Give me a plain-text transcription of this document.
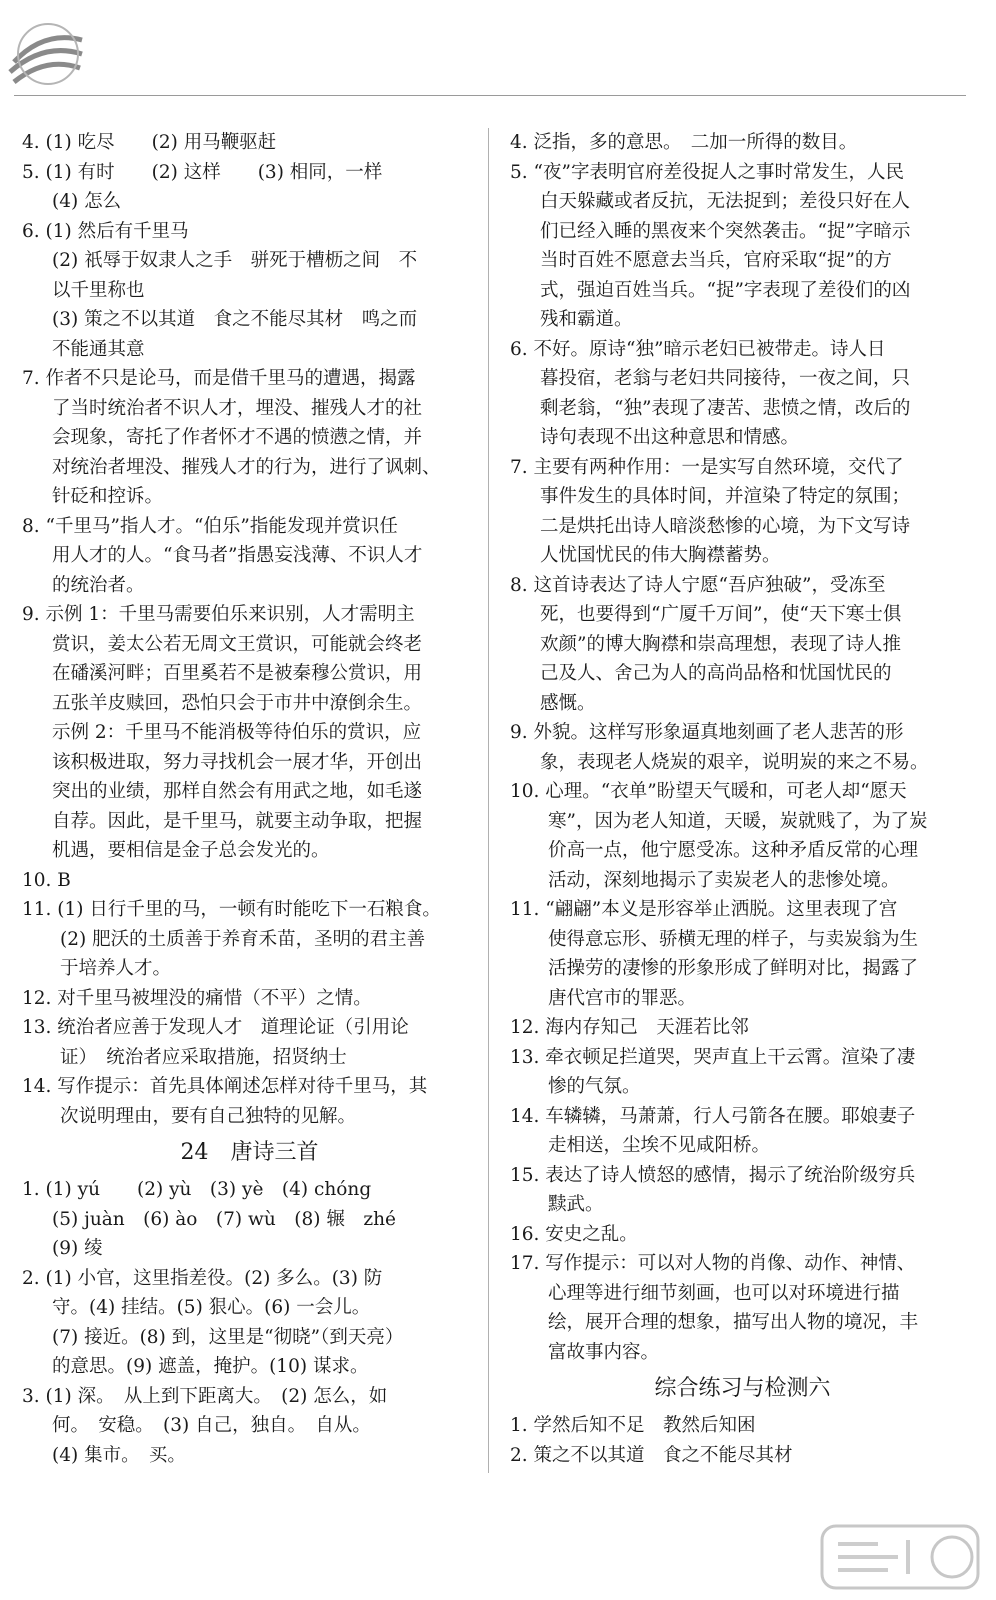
4. (1) 吃尽　　(2) 用马鞭驱赶
5. (1) 有时　　(2) 这样　　(3) 相同，一样
(4) 怎么
6. (1) 然后有千里马
(2) 祇辱于奴隶人之手　骈死于槽枥之间　不
以千里称也
(3) 策之不以其道　食之不能尽其材　鸣之而
不能通其意
7. 作者不只是论马，而是借千里马的遭遇，揭露
了当时统治者不识人才，埋没、摧残人才的社
会现象，寄托了作者怀才不遇的愤懑之情，并
对统治者埋没、摧残人才的行为，进行了讽刺、
针砭和控诉。
8. “千里马”指人才。“伯乐”指能发现并赏识任
用人才的人。“食马者”指愚妄浅薄、不识人才
的统治者。
9. 示例 1：千里马需要伯乐来识别，人才需明主
赏识，姜太公若无周文王赏识，可能就会终老
在磻溪河畔；百里奚若不是被秦穆公赏识，用
五张羊皮赎回，恐怕只会于市井中潦倒余生。
示例 2：千里马不能消极等待伯乐的赏识，应
该积极进取，努力寻找机会一展才华，开创出
突出的业绩，那样自然会有用武之地，如毛遂
自荐。因此，是千里马，就要主动争取，把握
机遇，要相信是金子总会发光的。
10. B
11. (1) 日行千里的马，一顿有时能吃下一石粮食。
(2) 肥沃的土质善于养育禾苗，圣明的君主善
于培养人才。
12. 对千里马被埋没的痛惜（不平）之情。
13. 统治者应善于发现人才　道理论证（引用论
证）　统治者应采取措施，招贤纳士
14. 写作提示：首先具体阐述怎样对待千里马，其
次说明理由，要有自己独特的见解。
24 唐诗三首
1. (1) yú　　(2) yù　(3) yè　(4) chóng
(5) juàn　(6) ào　(7) wù　(8) 辗　zhé
(9) 绫
2. (1) 小官，这里指差役。(2) 多么。(3) 防
守。(4) 挂结。(5) 狠心。(6) 一会儿。
(7) 接近。(8) 到，这里是“彻晓”（到天亮）
的意思。(9) 遮盖，掩护。(10) 谋求。
3. (1) 深。　从上到下距离大。　(2) 怎么，如
何。　安稳。　(3) 自己，独自。　自从。
(4) 集市。　买。
4. 泛指，多的意思。　二加一所得的数目。
5. “夜”字表明官府差役捉人之事时常发生，人民
白天躲藏或者反抗，无法捉到；差役只好在人
们已经入睡的黑夜来个突然袭击。“捉”字暗示
当时百姓不愿意去当兵，官府采取“捉”的方
式，强迫百姓当兵。“捉”字表现了差役们的凶
残和霸道。
6. 不好。原诗“独”暗示老妇已被带走。诗人日
暮投宿，老翁与老妇共同接待，一夜之间，只
剩老翁，“独”表现了凄苦、悲愤之情，改后的
诗句表现不出这种意思和情感。
7. 主要有两种作用：一是实写自然环境，交代了
事件发生的具体时间，并渲染了特定的氛围；
二是烘托出诗人暗淡愁惨的心境，为下文写诗
人忧国忧民的伟大胸襟蓄势。
8. 这首诗表达了诗人宁愿“吾庐独破”，受冻至
死，也要得到“广厦千万间”，使“天下寒士俱
欢颜”的博大胸襟和崇高理想，表现了诗人推
己及人、舍己为人的高尚品格和忧国忧民的
感慨。
9. 外貌。这样写形象逼真地刻画了老人悲苦的形
象，表现老人烧炭的艰辛，说明炭的来之不易。
10. 心理。“衣单”盼望天气暖和，可老人却“愿天
寒”，因为老人知道，天暖，炭就贱了，为了炭
价高一点，他宁愿受冻。这种矛盾反常的心理
活动，深刻地揭示了卖炭老人的悲惨处境。
11. “翩翩”本义是形容举止洒脱。这里表现了宫
使得意忘形、骄横无理的样子，与卖炭翁为生
活操劳的凄惨的形象形成了鲜明对比，揭露了
唐代宫市的罪恶。
12. 海内存知己　天涯若比邻
13. 牵衣顿足拦道哭，哭声直上干云霄。渲染了凄
惨的气氛。
14. 车辚辚，马萧萧，行人弓箭各在腰。耶娘妻子
走相送，尘埃不见咸阳桥。
15. 表达了诗人愤怒的感情，揭示了统治阶级穷兵
黩武。
16. 安史之乱。
17. 写作提示：可以对人物的肖像、动作、神情、
心理等进行细节刻画，也可以对环境进行描
绘，展开合理的想象，描写出人物的境况，丰
富故事内容。
综合练习与检测六
1. 学然后知不足　教然后知困
2. 策之不以其道　食之不能尽其材
